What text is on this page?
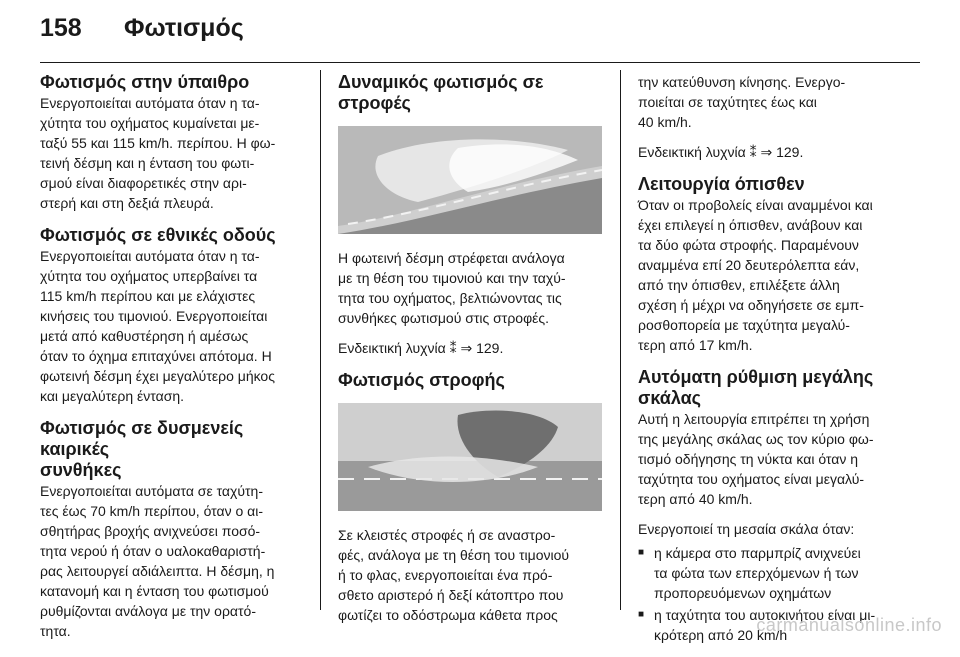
158 Φωτισμός
Φωτισμός στην ύπαιθρο

Ενεργοποιείται αυτόματα όταν η τα-

χύτητα του οχήματος κυμαίνεται με-

ταξύ 55 και 115 km/h. περίπου. Η φω-

τεινή δέσμη και η ένταση του φωτι-

σμού είναι διαφορετικές στην αρι-

στερή και στη δεξιά πλευρά.

Φωτισμός σε εθνικές οδούς

Ενεργοποιείται αυτόματα όταν η τα-

χύτητα του οχήματος υπερβαίνει τα

115 km/h περίπου και με ελάχιστες

κινήσεις του τιμονιού. Ενεργοποιείται

μετά από καθυστέρηση ή αμέσως

όταν το όχημα επιταχύνει απότομα. Η

φωτεινή δέσμη έχει μεγαλύτερο μήκος

και μεγαλύτερη ένταση.

Φωτισμός σε δυσμενείς καιρικές
συνθήκες

Ενεργοποιείται αυτόματα σε ταχύτη-

τες έως 70 km/h περίπου, όταν ο αι-

σθητήρας βροχής ανιχνεύσει ποσό-

τητα νερού ή όταν ο υαλοκαθαριστή-

ρας λειτουργεί αδιάλειπτα. Η δέσμη, η

κατανομή και η ένταση του φωτισμού

ρυθμίζονται ανάλογα με την ορατό-

τητα.

Δυναμικός φωτισμός σε
στροφές

Η φωτεινή δέσμη στρέφεται ανάλογα

με τη θέση του τιμονιού και την ταχύ-

τητα του οχήματος, βελτιώνοντας τις

συνθήκες φωτισμού στις στροφές.

Ενδεικτική λυχνία ⁑ ⇒ 129.

Φωτισμός στροφής

Σε κλειστές στροφές ή σε αναστρο-

φές, ανάλογα με τη θέση του τιμονιού

ή το φλας, ενεργοποιείται ένα πρό-

σθετο αριστερό ή δεξί κάτοπτρο που

φωτίζει το οδόστρωμα κάθετα προς

την κατεύθυνση κίνησης. Ενεργο-

ποιείται σε ταχύτητες έως και

40 km/h.

Ενδεικτική λυχνία ⁑ ⇒ 129.

Λειτουργία όπισθεν

Όταν οι προβολείς είναι αναμμένοι και

έχει επιλεγεί η όπισθεν, ανάβουν και

τα δύο φώτα στροφής. Παραμένουν

αναμμένα επί 20 δευτερόλεπτα εάν,

από την όπισθεν, επιλέξετε άλλη

σχέση ή μέχρι να οδηγήσετε σε εμπ-

ροσθοπορεία με ταχύτητα μεγαλύ-

τερη από 17 km/h.

Αυτόματη ρύθμιση μεγάλης
σκάλας

Αυτή η λειτουργία επιτρέπει τη χρήση

της μεγάλης σκάλας ως τον κύριο φω-

τισμό οδήγησης τη νύκτα και όταν η

ταχύτητα του οχήματος είναι μεγαλύ-

τερη από 40 km/h.

Ενεργοποιεί τη μεσαία σκάλα όταν:

■ η κάμερα στο παρμπρίζ ανιχνεύει
τα φώτα των επερχόμενων ή των
προπορευόμενων οχημάτων
■ η ταχύτητα του αυτοκινήτου είναι μι-
κρότερη από 20 km/h
carmanualsonline.info
